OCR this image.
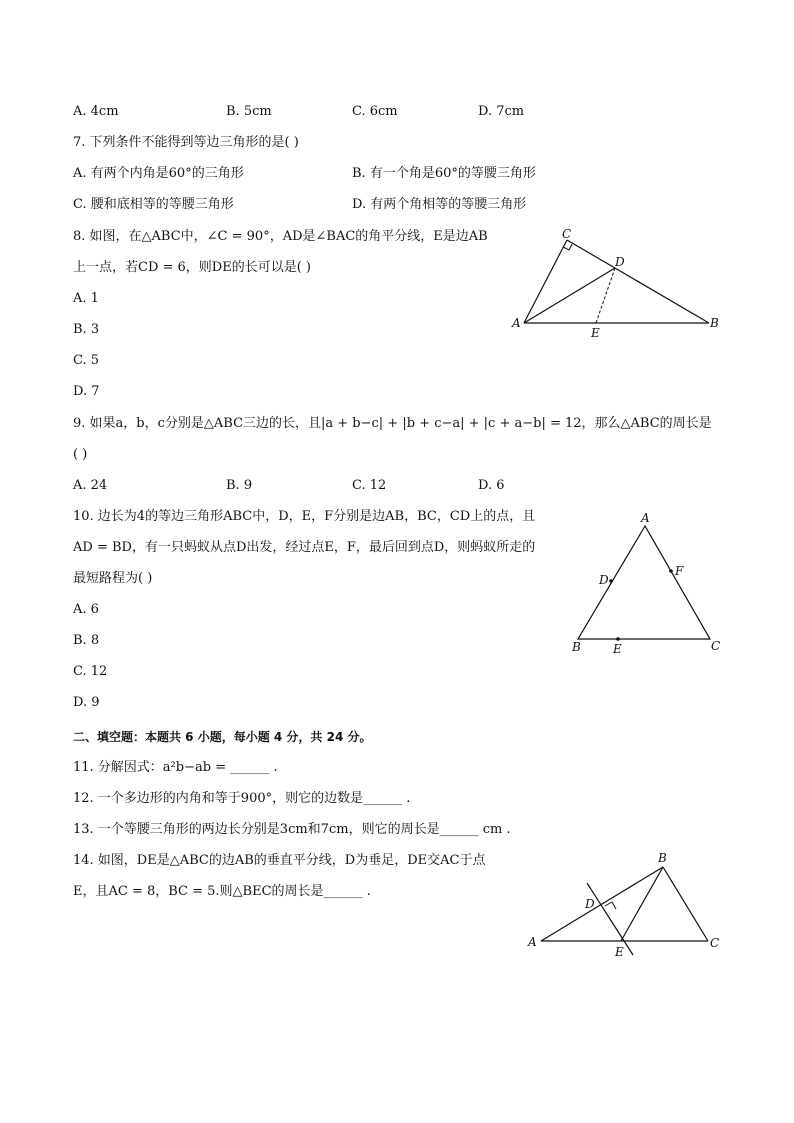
A. 4cm	B. 5cm	C. 6cm	D. 7cm
7. 下列条件不能得到等边三角形的是( )
A. 有两个内角是60°的三角形	B. 有一个角是60°的等腰三角形
C. 腰和底相等的等腰三角形	D. 有两个角相等的等腰三角形
8. 如图，在△ABC中，∠C = 90°，AD是∠BAC的角平分线，E是边AB
上一点，若CD = 6，则DE的长可以是( )
A. 1
B. 3
C. 5
D. 7
C
D
A
E
B
9. 如果a，b，c分别是△ABC三边的长，且|a + b−c| + |b + c−a| + |c + a−b| = 12，那么△ABC的周长是
( )
A. 24	B. 9	C. 12	D. 6
10. 边长为4的等边三角形ABC中，D，E，F分别是边AB，BC，CD上的点，且
AD = BD，有一只蚂蚁从点D出发，经过点E，F，最后回到点D，则蚂蚁所走的
最短路程为( )
A. 6
B. 8
C. 12
D. 9
A
D
F
B	E	C
二、填空题：本题共 6 小题，每小题 4 分，共 24 分。
11. 分解因式：a²b−ab = ______ .
12. 一个多边形的内角和等于900°，则它的边数是______ .
13. 一个等腰三角形的两边长分别是3cm和7cm，则它的周长是______ cm .
14. 如图，DE是△ABC的边AB的垂直平分线，D为垂足，DE交AC于点
E，且AC = 8，BC = 5.则△BEC的周长是______ .
D
B
A
E
C
